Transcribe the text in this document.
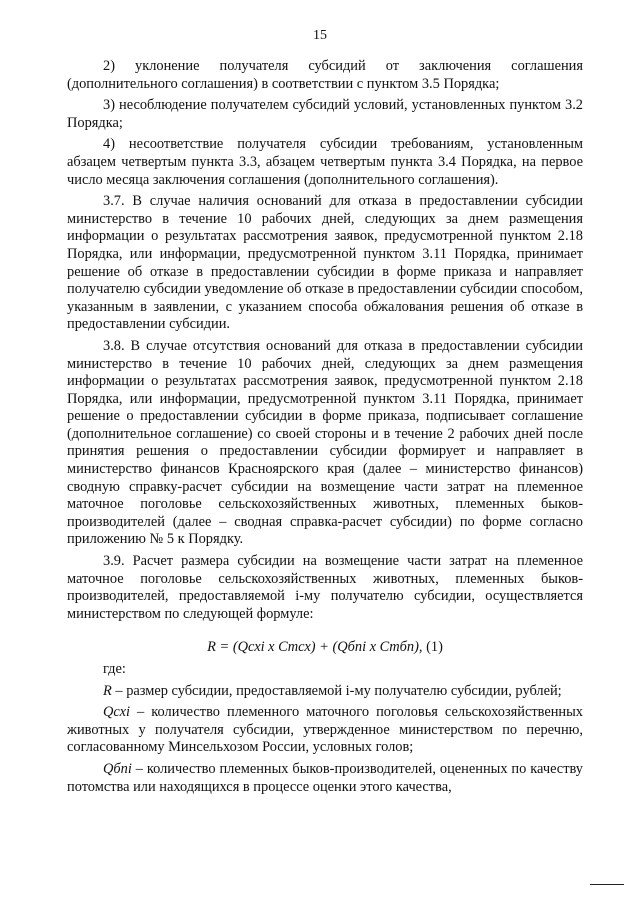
15

2) уклонение получателя субсидий от заключения соглашения (дополнительного соглашения) в соответствии с пунктом 3.5 Порядка;

3) несоблюдение получателем субсидий условий, установленных пунктом 3.2 Порядка;

4) несоответствие получателя субсидии требованиям, установленным абзацем четвертым пункта 3.3, абзацем четвертым пункта 3.4 Порядка, на первое число месяца заключения соглашения (дополнительного соглашения).

3.7. В случае наличия оснований для отказа в предоставлении субсидии министерство в течение 10 рабочих дней, следующих за днем размещения информации о результатах рассмотрения заявок, предусмотренной пунктом 2.18 Порядка, или информации, предусмотренной пунктом 3.11 Порядка, принимает решение об отказе в предоставлении субсидии в форме приказа и направляет получателю субсидии уведомление об отказе в предоставлении субсидии способом, указанным в заявлении, с указанием способа обжалования решения об отказе в предоставлении субсидии.

3.8. В случае отсутствия оснований для отказа в предоставлении субсидии министерство в течение 10 рабочих дней, следующих за днем размещения информации о результатах рассмотрения заявок, предусмотренной пунктом 2.18 Порядка, или информации, предусмотренной пунктом 3.11 Порядка, принимает решение о предоставлении субсидии в форме приказа, подписывает соглашение (дополнительное соглашение) со своей стороны и в течение 2 рабочих дней после принятия решения о предоставлении субсидии формирует и направляет в министерство финансов Красноярского края (далее – министерство финансов) сводную справку-расчет субсидии на возмещение части затрат на племенное маточное поголовье сельскохозяйственных животных, племенных быков-производителей (далее – сводная справка-расчет субсидии) по форме согласно приложению № 5 к Порядку.

3.9. Расчет размера субсидии на возмещение части затрат на племенное маточное поголовье сельскохозяйственных животных, племенных быков-производителей, предоставляемой i-му получателю субсидии, осуществляется министерством по следующей формуле:

R = (Qсхi x Cтсх) + (Qбпi x Cтбп), (1)

где:

R – размер субсидии, предоставляемой i-му получателю субсидии, рублей;

Qсхi – количество племенного маточного поголовья сельскохозяйственных животных у получателя субсидии, утвержденное министерством по перечню, согласованному Минсельхозом России, условных голов;

Qбпi – количество племенных быков-производителей, оцененных по качеству потомства или находящихся в процессе оценки этого качества,
